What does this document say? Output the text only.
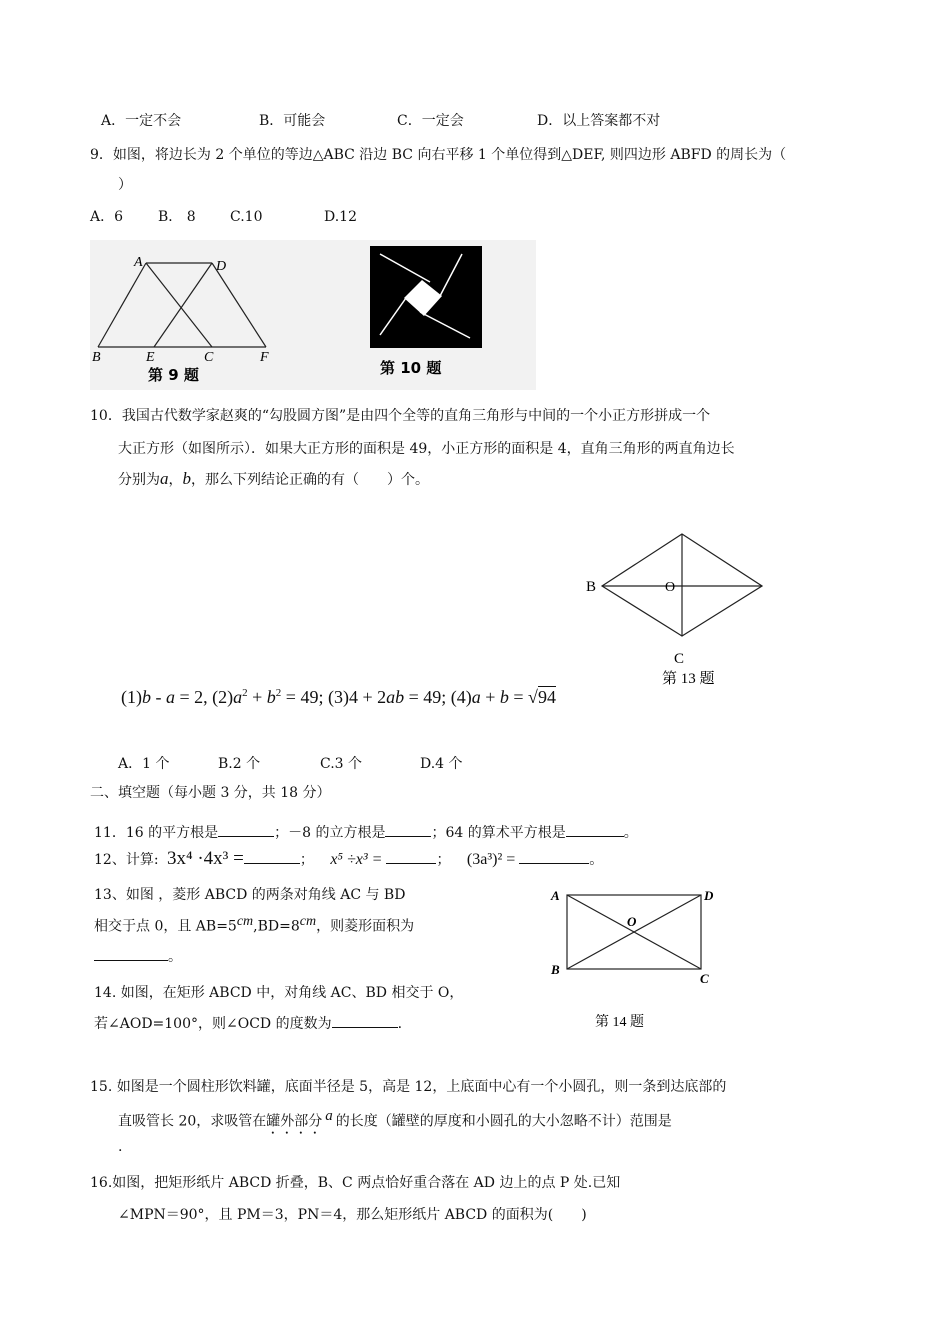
A．一定不会	B．可能会	C．一定会	D．以上答案都不对
9．如图，将边长为 2 个单位的等边△ABC 沿边 BC 向右平移 1 个单位得到△DEF, 则四边形 ABFD 的周长为（
）
A．6 B． 8 C.10	D.12
A	D
B	E	C	F
第 9 题	第 10 题
10．我国古代数学家赵爽的“勾股圆方图”是由四个全等的直角三角形与中间的一个小正方形拼成一个
大正方形（如图所示）．如果大正方形的面积是 49，小正方形的面积是 4，直角三角形的两直角边长
分别为a，b，那么下列结论正确的有（　　）个。
B	O
C
第 13 题
(1)b - a = 2, $(2)a^2 + b^2 = 49$; (3)4 + 2ab = 49; (4)a + b = √94
A．1 个	B.2 个	C.3 个	D.4 个
二、填空题（每小题 3 分，共 18 分）
11．16 的平方根是	；－8 的立方根是	；64 的算术平方根是	。
12、计算: 3x⁴ ·4x³ =	； x⁵ ÷x³ =	； (3a³)² =	。
13、如图 ，菱形 ABCD 的两条对角线 AC 与 BD
相交于点 0，且 $AB=5^{cm},BD=8^{cm}$，则菱形面积为
。
A	D
O
B
C
第 14 题
14. 如图，在矩形 ABCD 中，对角线 AC、BD 相交于 O，
若∠AOD=100°，则∠OCD 的度数为	.
15. 如图是一个圆柱形饮料罐，底面半径是 5，高是 12，上底面中心有一个小圆孔，则一条到达底部的
直吸管长 20，求吸管在罐外部分 $^a$ 的长度（罐壁的厚度和小圆孔的大小忽略不计）范围是
.
16.如图，把矩形纸片 ABCD 折叠，B、C 两点恰好重合落在 AD 边上的点 P 处.已知
∠MPN＝90°，且 PM＝3，PN＝4，那么矩形纸片 ABCD 的面积为(　　)
